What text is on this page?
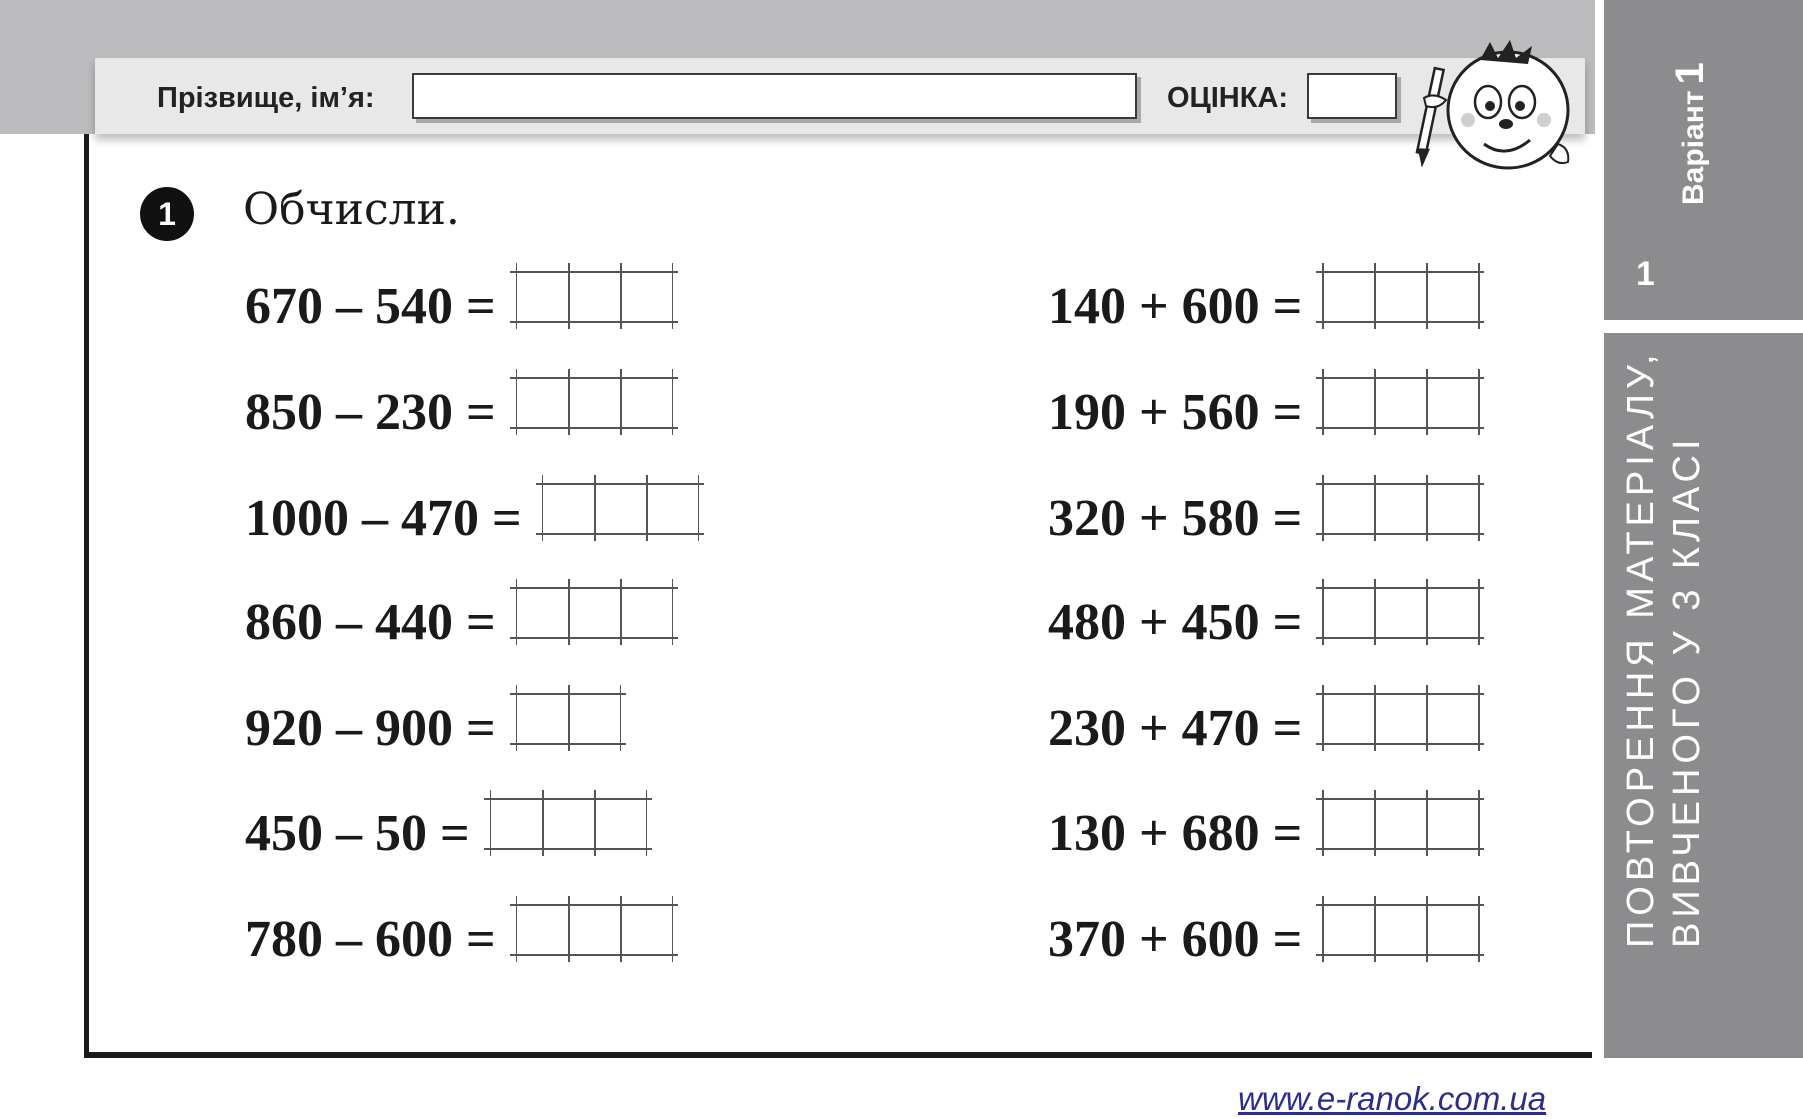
Прізвище, ім’я:	ОЦІНКА:	Варіант1
1
ПОВТОРЕННЯ МАТЕРІАЛУ, ВИВЧЕНОГО У 3 КЛАСІ
1	Обчисли.
670 – 540 =
850 – 230 =
1000 – 470 =
860 – 440 =
920 – 900 =
450 – 50 =
780 – 600 =
140 + 600 =
190 + 560 =
320 + 580 =
480 + 450 =
230 + 470 =
130 + 680 =
370 + 600 =
www.e-ranok.com.ua
